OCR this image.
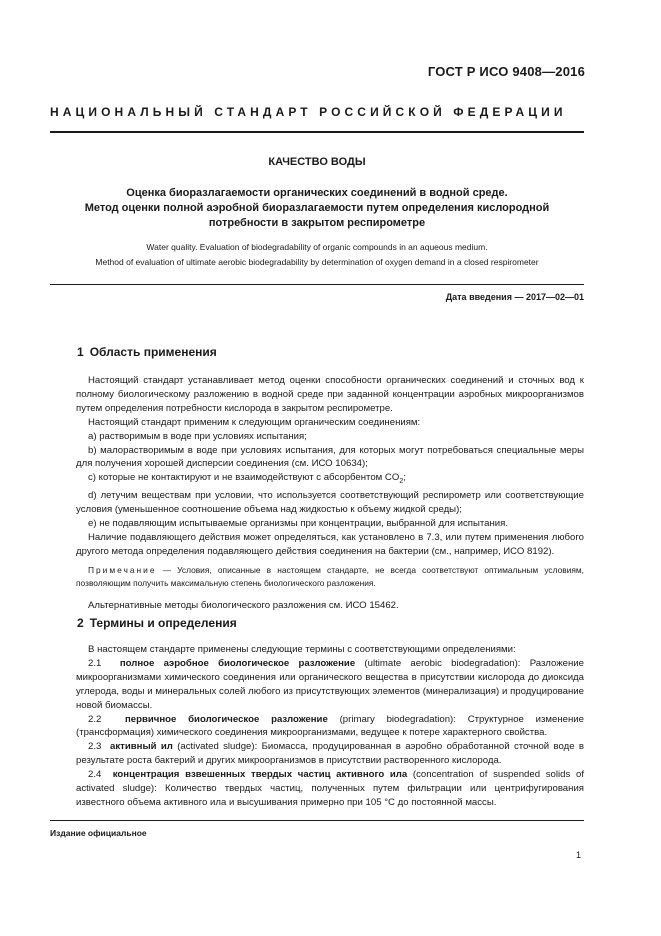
ГОСТ Р ИСО 9408—2016
НАЦИОНАЛЬНЫЙ СТАНДАРТ РОССИЙСКОЙ ФЕДЕРАЦИИ
КАЧЕСТВО ВОДЫ
Оценка биоразлагаемости органических соединений в водной среде.
Метод оценки полной аэробной биоразлагаемости путем определения кислородной
потребности в закрытом респирометре
Water quality. Evaluation of biodegradability of organic compounds in an aqueous medium.
Method of evaluation of ultimate aerobic biodegradability by determination of oxygen demand in a closed respirometer
Дата введения — 2017—02—01
1 Область применения

Настоящий стандарт устанавливает метод оценки способности органических соединений и сточных вод к полному биологическому разложению в водной среде при заданной концентрации аэробных микроорганизмов путем определения потребности кислорода в закрытом респирометре.

Настоящий стандарт применим к следующим органическим соединениям:

a) растворимым в воде при условиях испытания;

b) малорастворимым в воде при условиях испытания, для которых могут потребоваться специальные меры для получения хорошей дисперсии соединения (см. ИСО 10634);

c) которые не контактируют и не взаимодействуют с абсорбентом $CO_2$;

d) летучим веществам при условии, что используется соответствующий респирометр или соответствующие условия (уменьшенное соотношение объема над жидкостью к объему жидкой среды);

e) не подавляющим испытываемые организмы при концентрации, выбранной для испытания.

Наличие подавляющего действия может определяться, как установлено в 7.3, или путем применения любого другого метода определения подавляющего действия соединения на бактерии (см., например, ИСО 8192).

Примечание — Условия, описанные в настоящем стандарте, не всегда соответствуют оптимальным условиям, позволяющим получить максимальную степень биологического разложения.

Альтернативные методы биологического разложения см. ИСО 15462.

2 Термины и определения

В настоящем стандарте применены следующие термины с соответствующими определениями:

2.1 полное аэробное биологическое разложение (ultimate aerobic biodegradation): Разложение микроорганизмами химического соединения или органического вещества в присутствии кислорода до диоксида углерода, воды и минеральных солей любого из присутствующих элементов (минерализация) и продуцирование новой биомассы.

2.2 первичное биологическое разложение (primary biodegradation): Структурное изменение (трансформация) химического соединения микроорганизмами, ведущее к потере характерного свойства.

2.3 активный ил (activated sludge): Биомасса, продуцированная в аэробно обработанной сточной воде в результате роста бактерий и других микроорганизмов в присутствии растворенного кислорода.

2.4 концентрация взвешенных твердых частиц активного ила (concentration of suspended solids of activated sludge): Количество твердых частиц, полученных путем фильтрации или центрифугирования известного объема активного ила и высушивания примерно при 105 °С до постоянной массы.

Издание официальное
1
